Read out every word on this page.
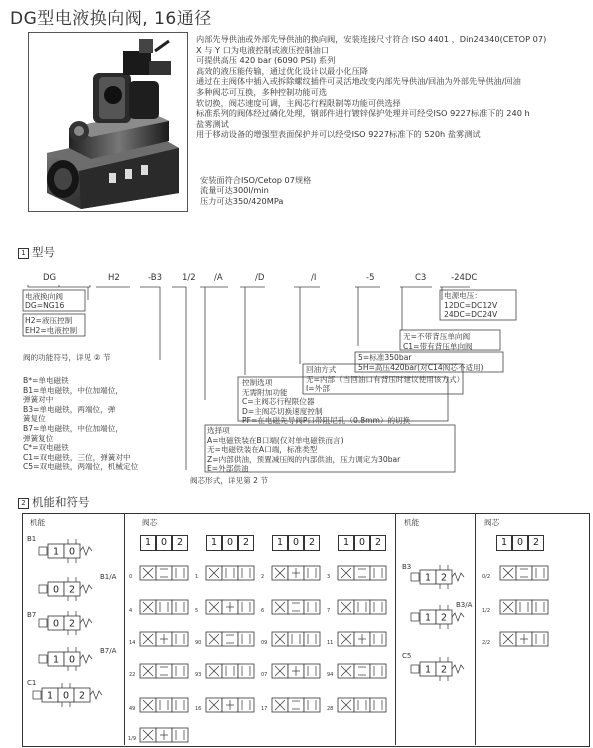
DG型电液换向阀, 16通径
内部先导供油或外部先导供油的换向阀，安装连接尺寸符合 ISO 4401 ，Din24340(CETOP 07)
X 与 Y 口为电液控制或液压控制油口
可提供高压 420 bar (6090 PSI) 系列
高效的液压能传输，通过优化设计以最小化压降
通过在主阀体中插入或拆除螺纹插件可灵活地改变内部先导供油/回油为外部先导供油/回油
多种阀芯可互换，多种控制功能可选
软切换，阀芯速度可调，主阀芯行程限制等功能可供选择
标准系列的阀体经过磷化处理，钢部件进行镀锌保护处理并可经受ISO 9227标准下的 240 h
盐雾测试
用于移动设备的增强型表面保护并可以经受ISO 9227标准下的 520h 盐雾测试
安装面符合ISO/Cetop 07规格
流量可达300l/min
压力可达350/420MPa
1 型号
DG	H2	-B3 1/2 /A	/D	/I	-5	C3	-24DC
电液换向阀
DG=NG16
H2=液压控制
EH2=电液控制
阀的功能符号，详见 ② 节
B*=单电磁铁
B1=单电磁铁，中位加端位，
弹簧对中
B3=单电磁铁，两端位，弹
簧复位
B7=单电磁铁，中位加端位，
弹簧复位
C*=双电磁铁
C1=双电磁铁，三位，弹簧对中
C5=双电磁铁，两端位，机械定位
阀芯形式，详见第 2 节
选择项
A=电磁铁装在B口端(仅对单电磁铁而言)
无=电磁铁装在A口端，标准类型
Z=内部供油，预置减压阀的内部供油，压力调定为30bar
E=外部供油
控制选项
无需附加功能
C=主阀芯行程限位器
D=主阀芯切换速度控制
PF=在电磁先导阀P口带阻尼孔（0.8mm）的切换
回油方式
无=内部（当回油口有背压时建议使用该方式）
I=外部
5=标准350bar
5H=高压420bar(对C14阀芯不适用)
无=不带背压单向阀
C1=带有背压单向阀
电源电压：
12DC=DC12V
24DC=DC24V
2 机能和符号
机能	阀芯	机能	阀芯
1	0	2	1	0	2	1	0	2	1	0	2	1	0	2
B1
B1/A
B7
B7/A
C1
B3
B3/A
C5
1 0
0 2
0 2
1 0
1 0 2
1 2
1 2
1 2
0	1	2	3
4	5	6	7
14	90	09	11
22	93	07	94
49	16	17	28
1/9
0/2
1/2
2/2
